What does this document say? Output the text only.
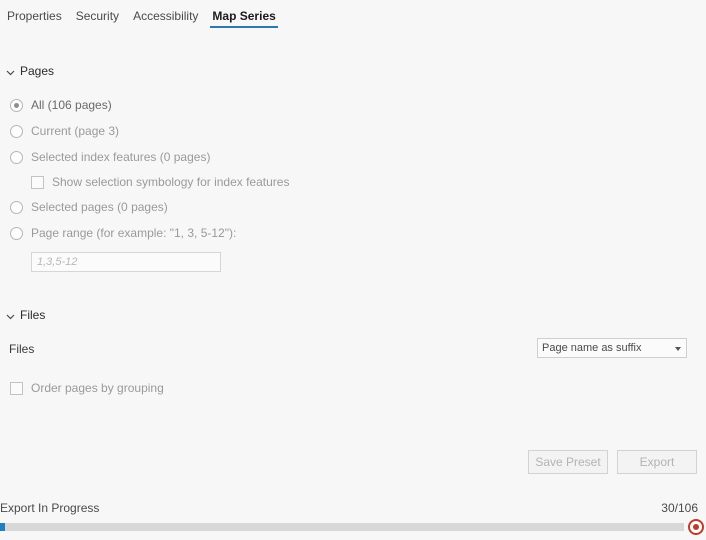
Properties	Security	Accessibility	Map Series
Pages
All (106 pages)
Current (page 3)
Selected index features (0 pages)
Show selection symbology for index features
Selected pages (0 pages)
Page range (for example: "1, 3, 5-12"):
1,3,5-12
Files
Files	Page name as suffix
Order pages by grouping
Save Preset	Export
Export In Progress	30/106
